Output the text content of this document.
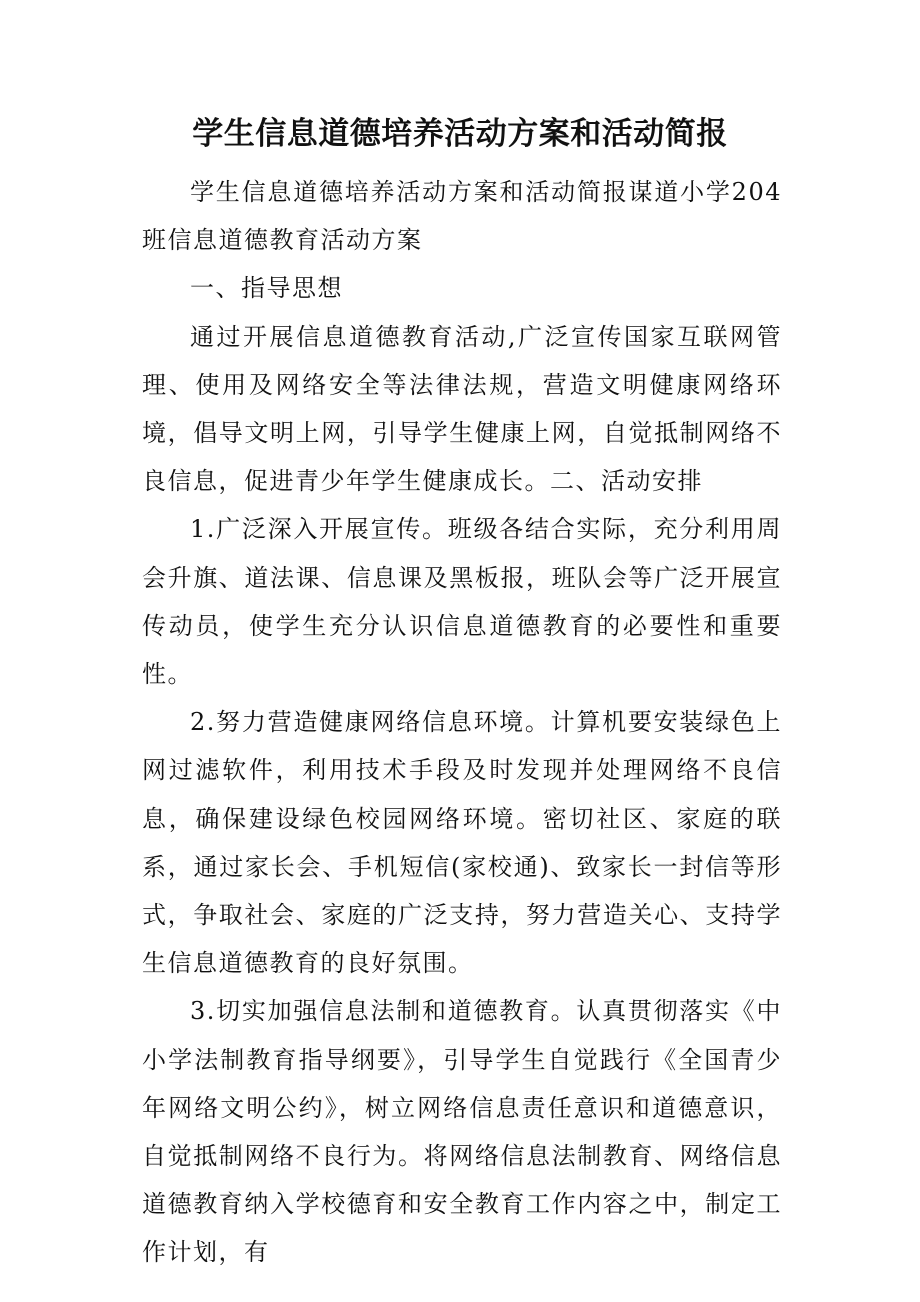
学生信息道德培养活动方案和活动简报

学生信息道德培养活动方案和活动简报谋道小学204班信息道德教育活动方案

一、指导思想

通过开展信息道德教育活动,广泛宣传国家互联网管理、使用及网络安全等法律法规，营造文明健康网络环境，倡导文明上网，引导学生健康上网，自觉抵制网络不良信息，促进青少年学生健康成长。二、活动安排

1.广泛深入开展宣传。班级各结合实际，充分利用周会升旗、道法课、信息课及黑板报，班队会等广泛开展宣传动员，使学生充分认识信息道德教育的必要性和重要性。

2.努力营造健康网络信息环境。计算机要安装绿色上网过滤软件，利用技术手段及时发现并处理网络不良信息，确保建设绿色校园网络环境。密切社区、家庭的联系，通过家长会、手机短信(家校通)、致家长一封信等形式，争取社会、家庭的广泛支持，努力营造关心、支持学生信息道德教育的良好氛围。

3.切实加强信息法制和道德教育。认真贯彻落实《中小学法制教育指导纲要》，引导学生自觉践行《全国青少年网络文明公约》，树立网络信息责任意识和道德意识，自觉抵制网络不良行为。将网络信息法制教育、网络信息道德教育纳入学校德育和安全教育工作内容之中，制定工作计划，有
